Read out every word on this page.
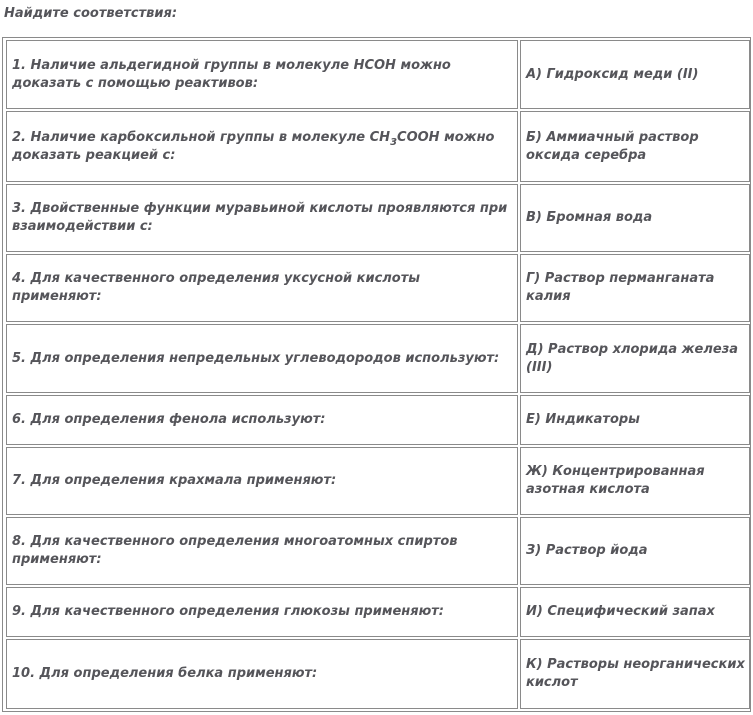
Найдите соответствия:
1. Наличие альдегидной группы в молекуле HCOH можно доказать с помощью реактивов:
А) Гидроксид меди (II)
2. Наличие карбоксильной группы в молекуле $CH_3COOH$ можно доказать реакцией с:
Б) Аммиачный раствор оксида серебра
3. Двойственные функции муравьиной кислоты проявляются при взаимодействии с:
В) Бромная вода
4. Для качественного определения уксусной кислоты применяют:
Г) Раствор перманганата калия
5. Для определения непредельных углеводородов используют:
Д) Раствор хлорида железа (III)
6. Для определения фенола используют:	Е) Индикаторы
7. Для определения крахмала применяют:
Ж) Концентрированная азотная кислота
8. Для качественного определения многоатомных спиртов применяют:
З) Раствор йода
9. Для качественного определения глюкозы применяют:	И) Специфический запах
10. Для определения белка применяют:
К) Растворы неорганических кислот
